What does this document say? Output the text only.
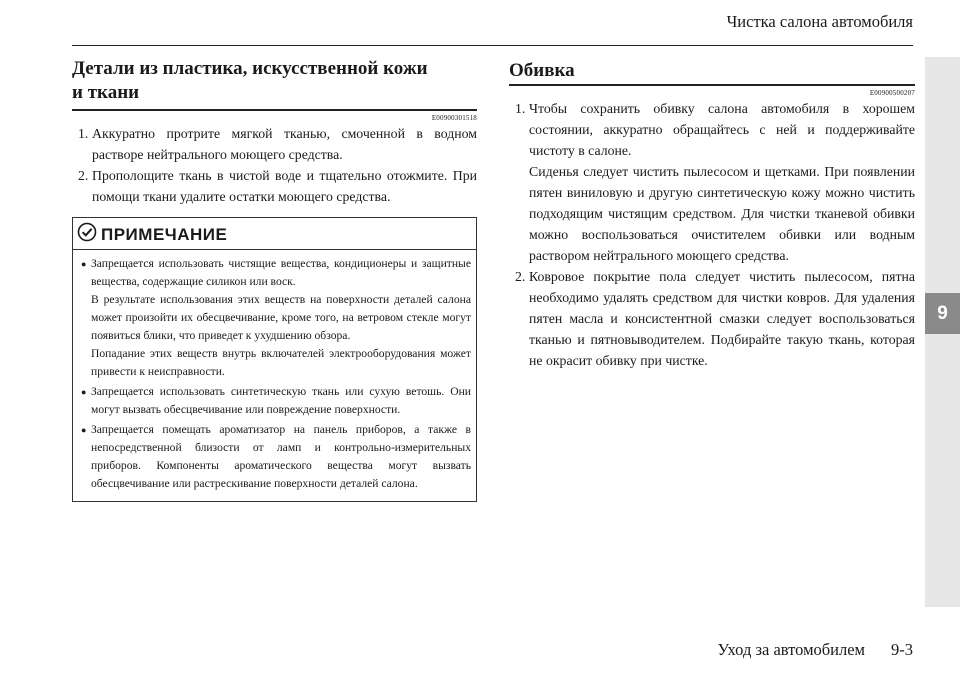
Чистка салона автомобиля
9
Детали из пластика, искусственной кожи
и ткани
E00900301518
1. Аккуратно протрите мягкой тканью, смоченной в водном растворе нейтрального моющего средства.
2. Прополощите ткань в чистой воде и тщательно отожмите. При помощи ткани удалите остатки моющего средства.
ПРИМЕЧАНИЕ
● Запрещается использовать чистящие вещества, кондиционеры и защитные вещества, содержащие силикон или воск.

В результате использования этих веществ на поверхности деталей салона может произойти их обесцвечивание, кроме того, на ветровом стекле могут появиться блики, что приведет к ухудшению обзора.

Попадание этих веществ внутрь включателей электрооборудования может привести к неисправности.

● Запрещается использовать синтетическую ткань или сухую ветошь. Они могут вызвать обесцвечивание или повреждение поверхности.

● Запрещается помещать ароматизатор на панель приборов, а также в непосредственной близости от ламп и контрольно-измерительных приборов. Компоненты ароматического вещества могут вызвать обесцвечивание или растрескивание поверхности деталей салона.

Обивка
E00900500207
1. Чтобы сохранить обивку салона автомобиля в хорошем состоянии, аккуратно обращайтесь с ней и поддерживайте чистоту в салоне.

Сиденья следует чистить пылесосом и щетками. При появлении пятен виниловую и другую синтетическую кожу можно чистить подходящим чистящим средством. Для чистки тканевой обивки можно воспользоваться очистителем обивки или водным раствором нейтрального моющего средства.

2. Ковровое покрытие пола следует чистить пылесосом, пятна необходимо удалять средством для чистки ковров. Для удаления пятен масла и консистентной смазки следует воспользоваться тканью и пятновыводителем. Подбирайте такую ткань, которая не окрасит обивку при чистке.

Уход за автомобилем 9-3
